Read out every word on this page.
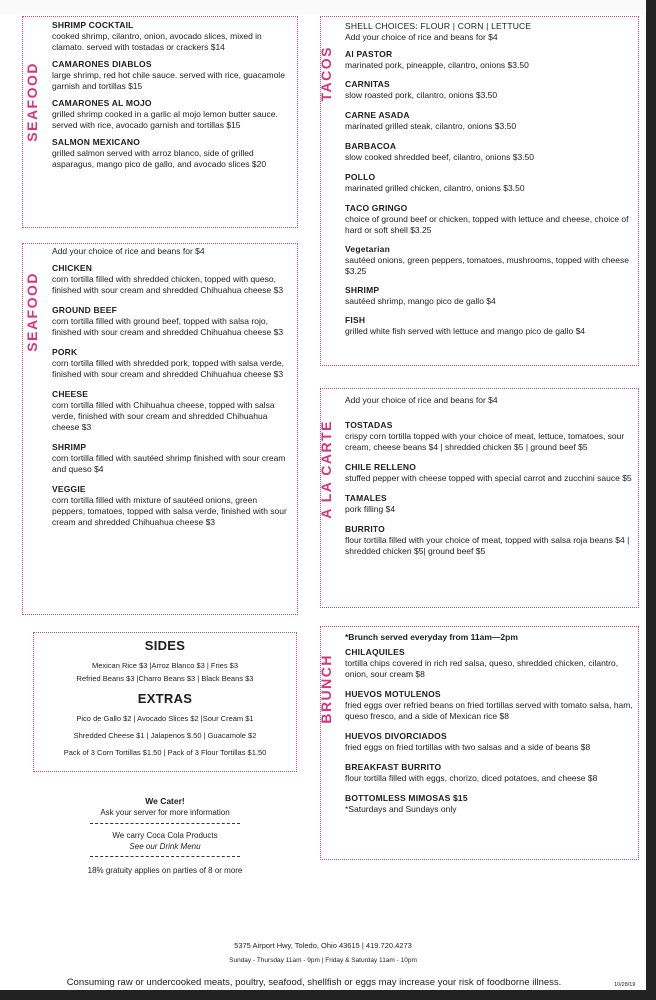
SEAFOOD
SHRIMP COCKTAIL
cooked shrimp, cilantro, onion, avocado slices, mixed in clamato. served with tostadas or crackers $14
CAMARONES DIABLOS
large shrimp, red hot chile sauce. served with rice, guacamole garnish and tortillas $15
CAMARONES AL MOJO
grilled shrimp cooked in a garlic al mojo lemon butter sauce. served with rice, avocado garnish and tortillas $15
SALMON MEXICANO
grilled salmon served with arroz blanco, side of grilled asparagus, mango pico de gallo, and avocado slices $20
SEAFOOD
Add your choice of rice and beans for $4
CHICKEN
corn tortilla filled with shredded chicken, topped with queso, finished with sour cream and shredded Chihuahua cheese $3
GROUND BEEF
corn tortilla filled with ground beef, topped with salsa rojo, finished with sour cream and shredded Chihuahua cheese $3
PORK
corn tortilla filled with shredded pork, topped with salsa verde, finished with sour cream and shredded Chihuahua cheese $3
CHEESE
corn tortilla filled with Chihuahua cheese, topped with salsa verde, finished with sour cream and shredded Chihuahua cheese $3
SHRIMP
corn tortilla filled with sautéed shrimp finished with sour cream and queso $4
VEGGIE
corn tortilla filled with mixture of sautéed onions, green peppers, tomatoes, topped with salsa verde, finished with sour cream and shredded Chihuahua cheese $3
SIDES
Mexican Rice $3 |Arroz Blanco $3 | Fries $3
Refried Beans $3 |Charro Beans $3 | Black Beans $3
EXTRAS
Pico de Gallo $2 | Avocado Slices $2 |Sour Cream $1
Shredded Cheese $1 | Jalapenos $.50 | Guacamole $2
Pack of 3 Corn Tortillas $1.50 | Pack of 3 Flour Tortillas $1.50
We Cater!
Ask your server for more information
We carry Coca Cola Products
See our Drink Menu
18% gratuity applies on parties of 8 or more
TACOS
SHELL CHOICES: FLOUR | CORN | LETTUCE
Add your choice of rice and beans for $4
Al PASTOR
marinated pork, pineapple, cilantro, onions $3.50
CARNITAS
slow roasted pork, cilantro, onions $3.50
CARNE ASADA
marinated grilled steak, cilantro, onions $3.50
BARBACOA
slow cooked shredded beef, cilantro, onions $3.50
POLLO
marinated grilled chicken, cilantro, onions $3.50
TACO GRINGO
choice of ground beef or chicken, topped with lettuce and cheese, choice of hard or soft shell $3.25
Vegetarian
sautéed onions, green peppers, tomatoes, mushrooms, topped with cheese $3.25
SHRIMP
sautéed shrimp, mango pico de gallo $4
FISH
grilled white fish served with lettuce and mango pico de gallo $4
A LA CARTE
Add your choice of rice and beans for $4
TOSTADAS
crispy corn tortilla topped with your choice of meat, lettuce, tomatoes, sour cream, cheese beans $4 | shredded chicken $5 | ground beef $5
CHILE RELLENO
stuffed pepper with cheese topped with special carrot and zucchini sauce $5
TAMALES
pork filling $4
BURRITO
flour tortilla filled with your choice of meat, topped with salsa roja beans $4 | shredded chicken $5| ground beef $5
BRUNCH
*Brunch served everyday from 11am—2pm
CHILAQUILES
tortilla chips covered in rich red salsa, queso, shredded chicken, cilantro, onion, sour cream $8
HUEVOS MOTULENOS
fried eggs over refried beans on fried tortillas served with tomato salsa, ham, queso fresco, and a side of Mexican rice $8
HUEVOS DIVORCIADOS
fried eggs on fried tortillas with two salsas and a side of beans $8
BREAKFAST BURRITO
flour tortilla filled with eggs, chorizo, diced potatoes, and cheese $8
BOTTOMLESS MIMOSAS $15
*Saturdays and Sundays only
5375 Airport Hwy, Toledo, Ohio 43615 | 419.720.4273
Sunday - Thursday 11am - 9pm | Friday & Saturday 11am - 10pm
Consuming raw or undercooked meats, poultry, seafood, shellfish or eggs may increase your risk of foodborne illness.	10/28/19
